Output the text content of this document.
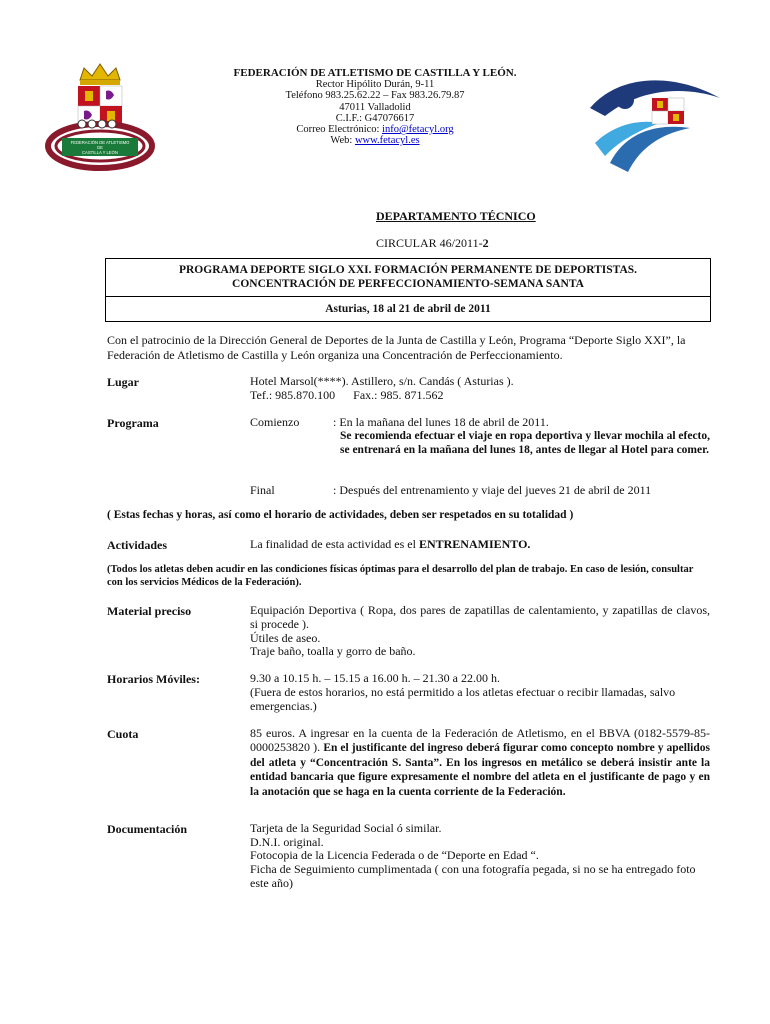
FEDERACIÓN DE ATLETISMO
DE
CASTILLA Y LEÓN
FEDERACIÓN DE ATLETISMO DE CASTILLA Y LEÓN.
Rector Hipólito Durán, 9-11
Teléfono 983.25.62.22 – Fax 983.26.79.87
47011 Valladolid
C.I.F.: G47076617
Correo Electrónico: info@fetacyl.org
Web: www.fetacyl.es
DEPARTAMENTO TÉCNICO
CIRCULAR 46/2011-2
PROGRAMA DEPORTE SIGLO XXI. FORMACIÓN PERMANENTE DE DEPORTISTAS.
CONCENTRACIÓN DE PERFECCIONAMIENTO-SEMANA SANTA
Asturias, 18 al 21 de abril de 2011
Con el patrocinio de la Dirección General de Deportes de la Junta de Castilla y León, Programa “Deporte Siglo XXI”, la Federación de Atletismo de Castilla y León organiza una Concentración de Perfeccionamiento.
Lugar	Hotel Marsol(****). Astillero, s/n. Candás ( Asturias ).
Tef.: 985.870.100      Fax.: 985. 871.562
Programa	Comienzo	: En la mañana del lunes 18 de abril de 2011.
Se recomienda efectuar el viaje en ropa deportiva y llevar mochila al efecto, se entrenará en la mañana del lunes 18, antes de llegar al Hotel para comer.
Final	: Después del entrenamiento y viaje del jueves 21 de abril de 2011
( Estas fechas y horas, así como el horario de actividades, deben ser respetados en su totalidad )
Actividades	La finalidad de esta actividad es el ENTRENAMIENTO.
(Todos los atletas deben acudir en las condiciones físicas óptimas para el desarrollo del plan de trabajo. En caso de lesión, consultar con los servicios Médicos de la Federación).
Material preciso	Equipación Deportiva ( Ropa, dos pares de zapatillas de calentamiento, y zapatillas de clavos, si procede ).
Útiles de aseo.
Traje baño, toalla y gorro de baño.
Horarios Móviles:	9.30 a 10.15 h. – 15.15 a 16.00 h. – 21.30 a 22.00 h.
(Fuera de estos horarios, no está permitido a los atletas efectuar o recibir llamadas, salvo emergencias.)
Cuota	85 euros. A ingresar en la cuenta de la Federación de Atletismo, en el BBVA (0182-5579-85-0000253820 ). En el justificante del ingreso deberá figurar como concepto nombre y apellidos del atleta y “Concentración S. Santa”. En los ingresos en metálico se deberá insistir ante la entidad bancaria que figure expresamente el nombre del atleta en el justificante de pago y en la anotación que se haga en la cuenta corriente de la Federación.
Documentación	Tarjeta de la Seguridad Social ó similar.
D.N.I. original.
Fotocopia de la Licencia Federada o de “Deporte en Edad “.
Ficha de Seguimiento cumplimentada ( con una fotografía pegada, si no se ha entregado foto este año)
